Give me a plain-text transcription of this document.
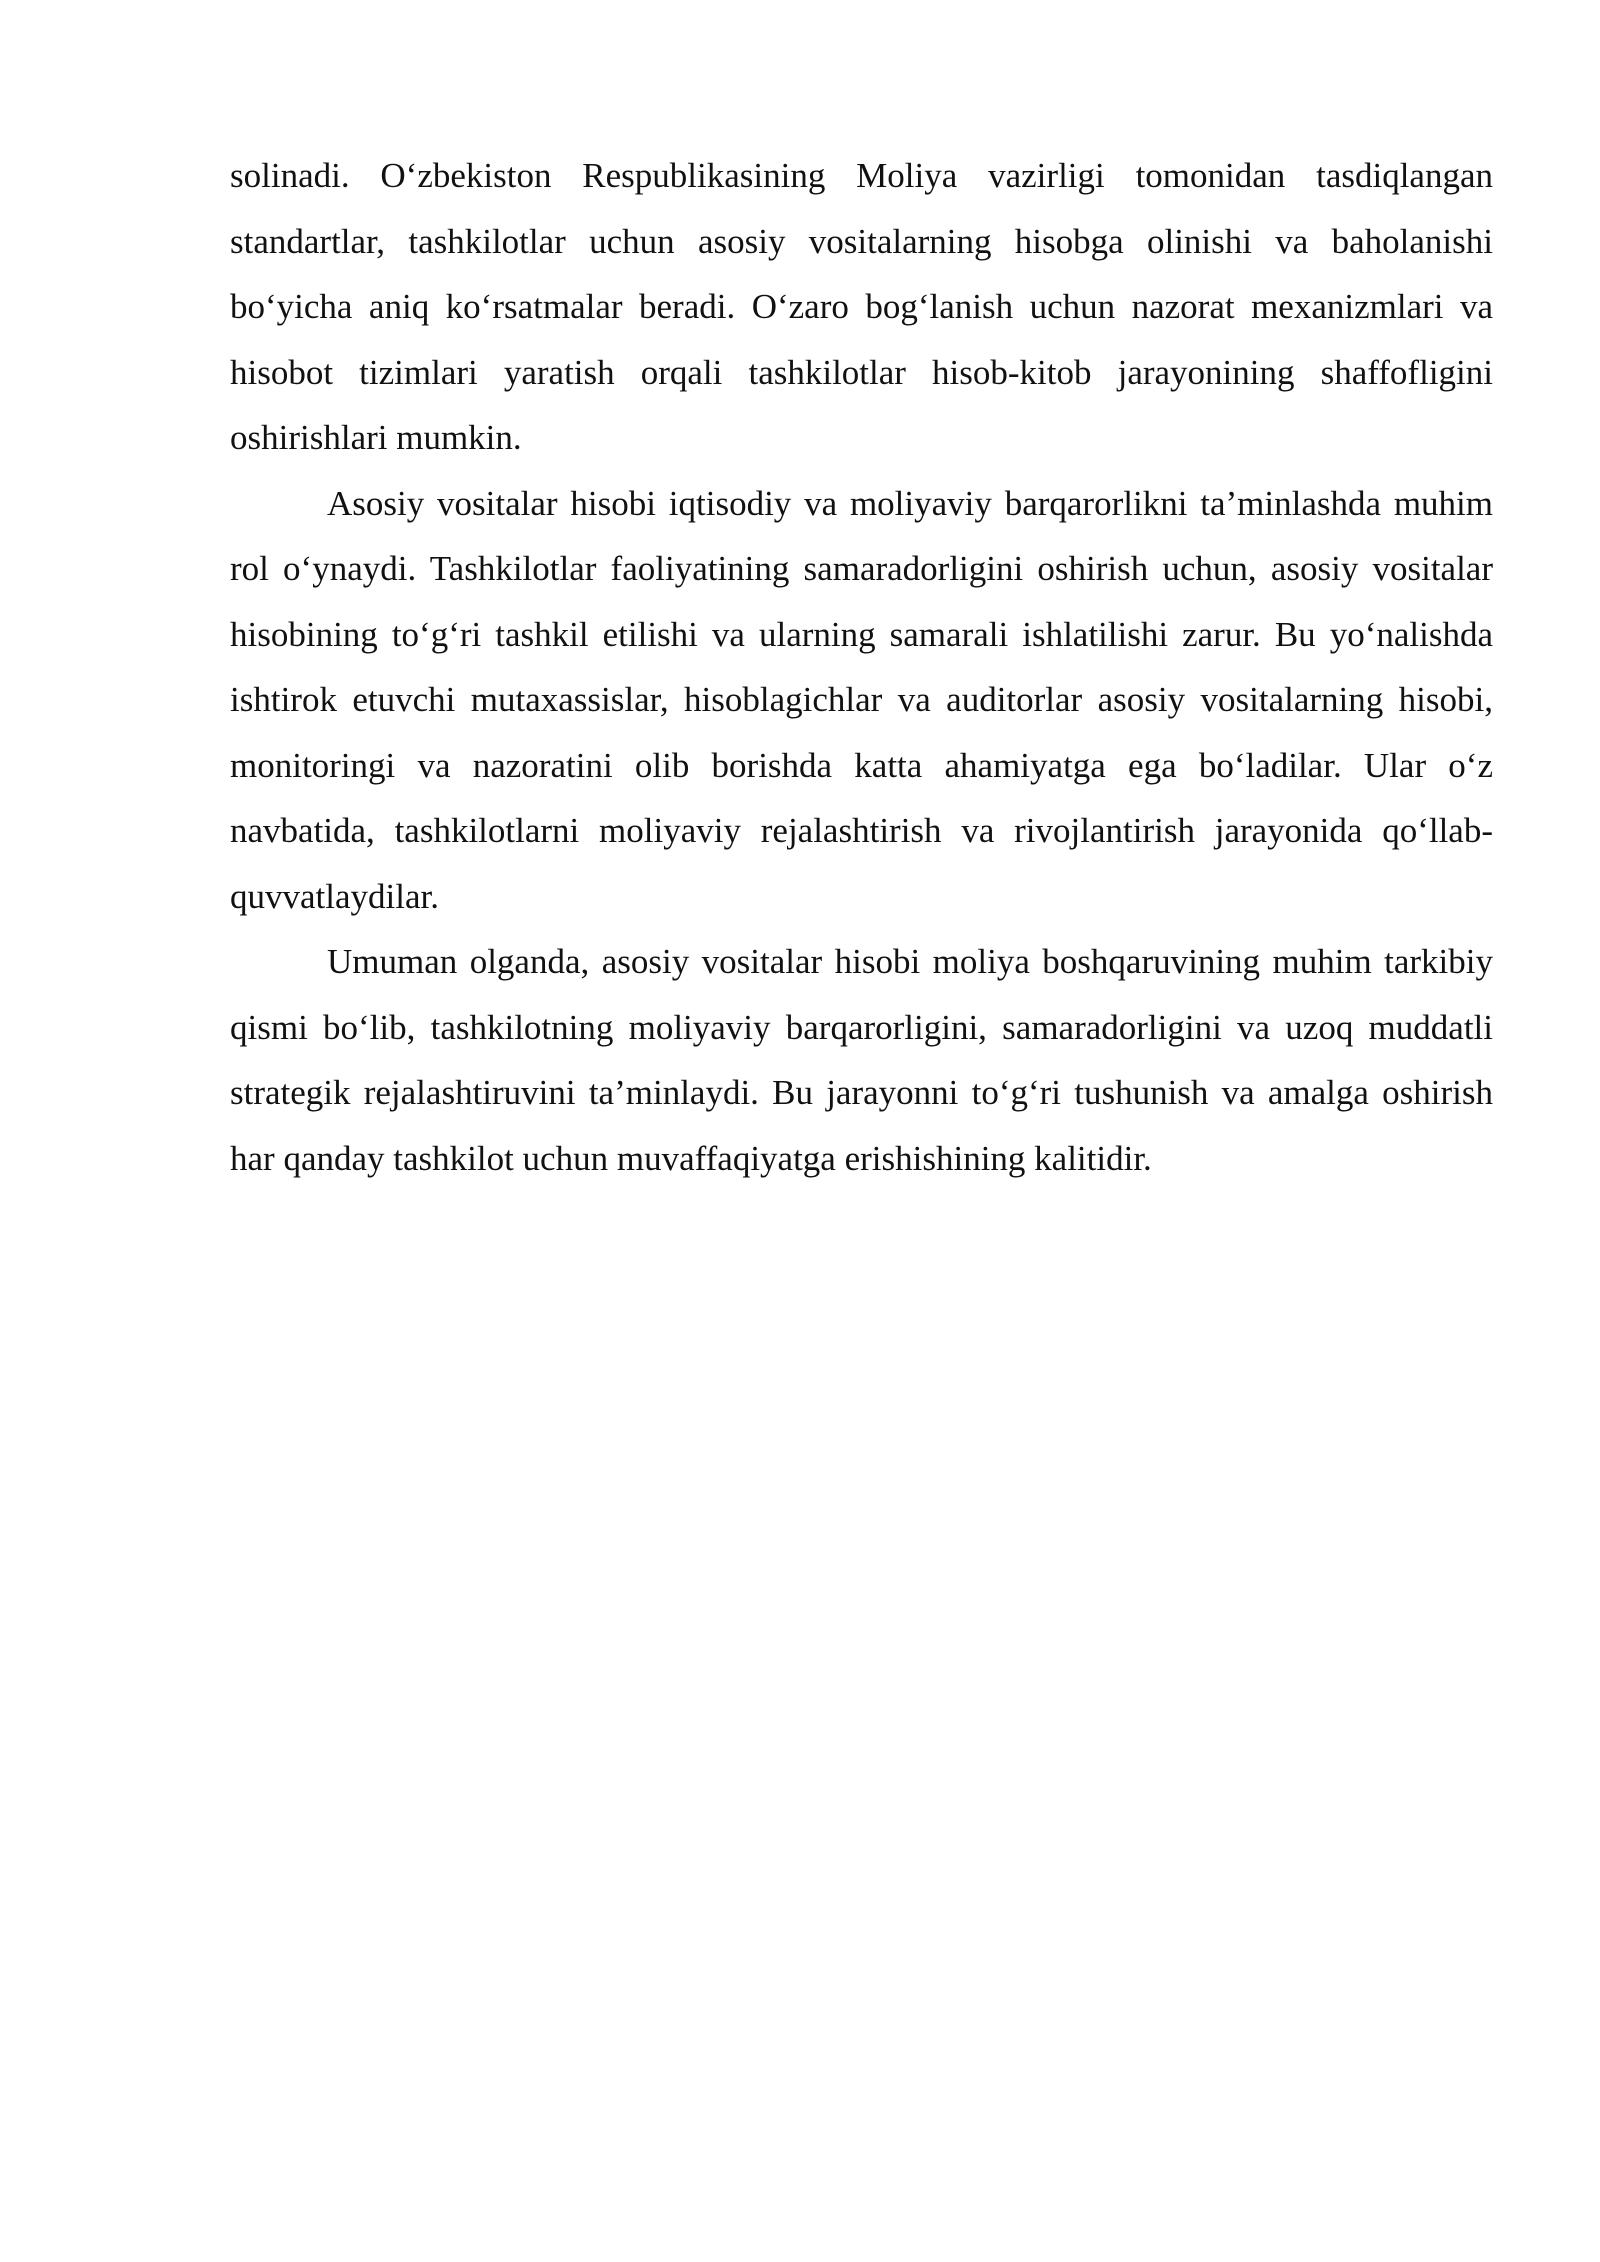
solinadi. O‘zbekiston Respublikasining Moliya vazirligi tomonidan tasdiqlangan standartlar, tashkilotlar uchun asosiy vositalarning hisobga olinishi va baholanishi bo‘yicha aniq ko‘rsatmalar beradi. O‘zaro bog‘lanish uchun nazorat mexanizmlari va hisobot tizimlari yaratish orqali tashkilotlar hisob-kitob jarayonining shaffofligini oshirishlari mumkin.

Asosiy vositalar hisobi iqtisodiy va moliyaviy barqarorlikni ta’minlashda muhim rol o‘ynaydi. Tashkilotlar faoliyatining samaradorligini oshirish uchun, asosiy vositalar hisobining to‘g‘ri tashkil etilishi va ularning samarali ishlatilishi zarur. Bu yo‘nalishda ishtirok etuvchi mutaxassislar, hisoblagichlar va auditorlar asosiy vositalarning hisobi, monitoringi va nazoratini olib borishda katta ahamiyatga ega bo‘ladilar. Ular o‘z navbatida, tashkilotlarni moliyaviy rejalashtirish va rivojlantirish jarayonida qo‘llab-quvvatlaydilar.

Umuman olganda, asosiy vositalar hisobi moliya boshqaruvining muhim tarkibiy qismi bo‘lib, tashkilotning moliyaviy barqarorligini, samaradorligini va uzoq muddatli strategik rejalashtiruvini ta’minlaydi. Bu jarayonni to‘g‘ri tushunish va amalga oshirish har qanday tashkilot uchun muvaffaqiyatga erishishining kalitidir.
